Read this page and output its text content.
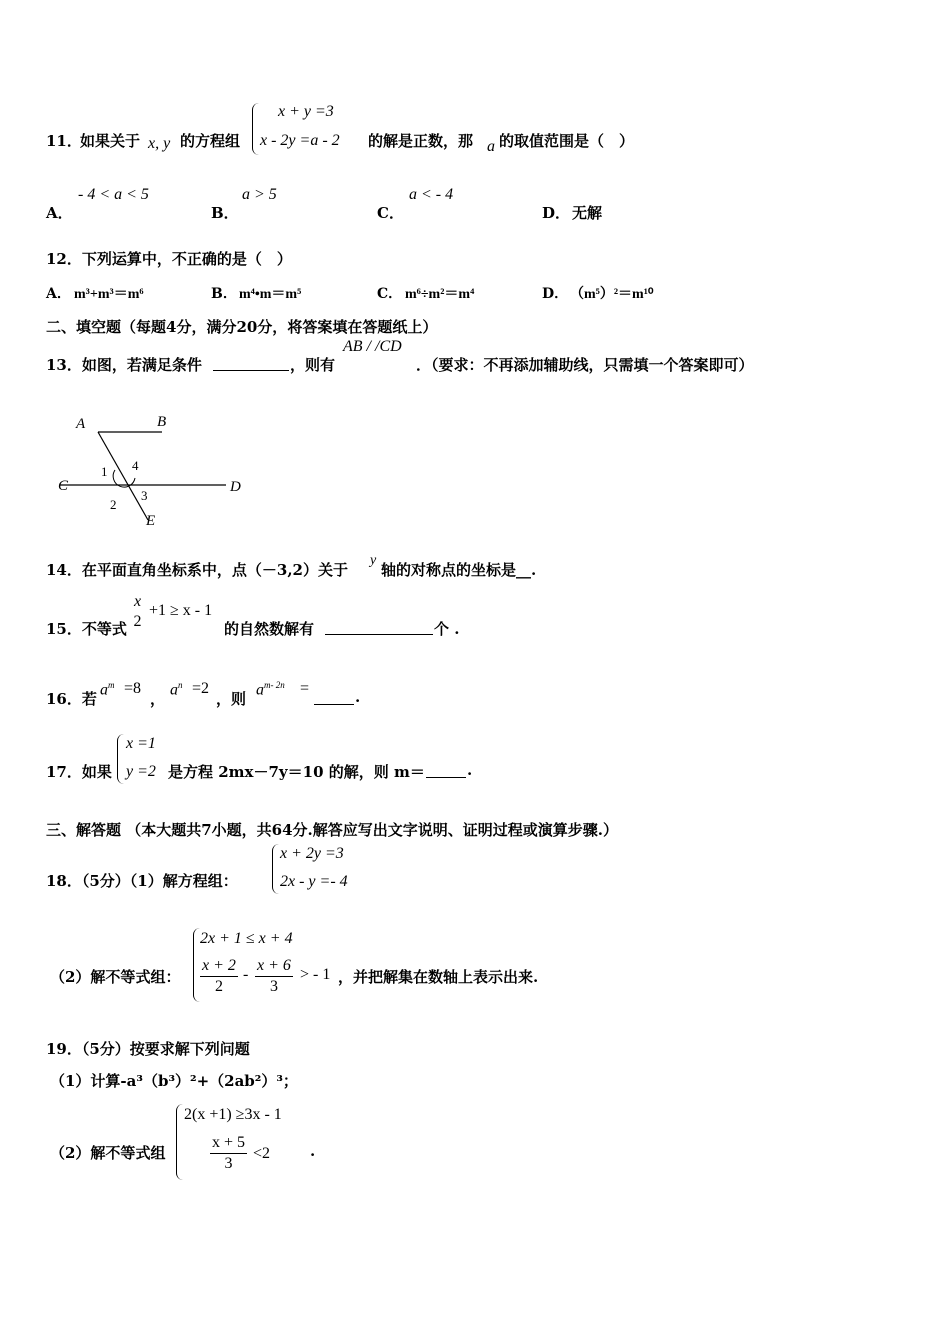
11．
如果关于 x, y 的方程组
x + y =3
x - 2y =a - 2 的解是正数，那 a 的取值范围是（　）
A．
- 4 < a < 5
B．
a > 5
C．
a < - 4
D． 无解
12．下列运算中，不正确的是（　）
A． m³+m³＝m⁶	B． m⁴•m＝m⁵	C． m⁶÷m²＝m⁴	D． （m⁵）²＝m¹⁰
二、填空题（每题4分，满分20分，将答案填在答题纸上）
13．如图，若满足条件	，则有
AB / /CD
．（要求：不再添加辅助线，只需填一个答案即可）
A	B
C	D
E
1 4
3
2
14．在平面直角坐标系中，点（－3,2）关于
y
轴的对称点的坐标是__.
15．不等式
x
2
+1 ≥ x - 1
的自然数解有	个 .
16．若
$a^m =8$
，
$a^n =2$
，则
$a^{m- 2n}$ =	.
17．如果
x =1
y =2 是方程 2mx－7y＝10 的解，则 m＝	.
三、解答题 （本大题共7小题，共64分.解答应写出文字说明、证明过程或演算步骤.）
18．（5分）（1）解方程组：
x + 2y =3
2x - y =- 4
（2）解不等式组：
2x + 1 ≤ x + 4
$\frac{x + 2}{2} - \frac{x + 6}{3}$ > - 1 ，并把解集在数轴上表示出来.
19．（5分）按要求解下列问题
（1）计算-a³（b³）²+（2ab²）³；
（2）解不等式组
2(x +1) ≥3x - 1
$\frac{x + 5}{3} <2$	.
